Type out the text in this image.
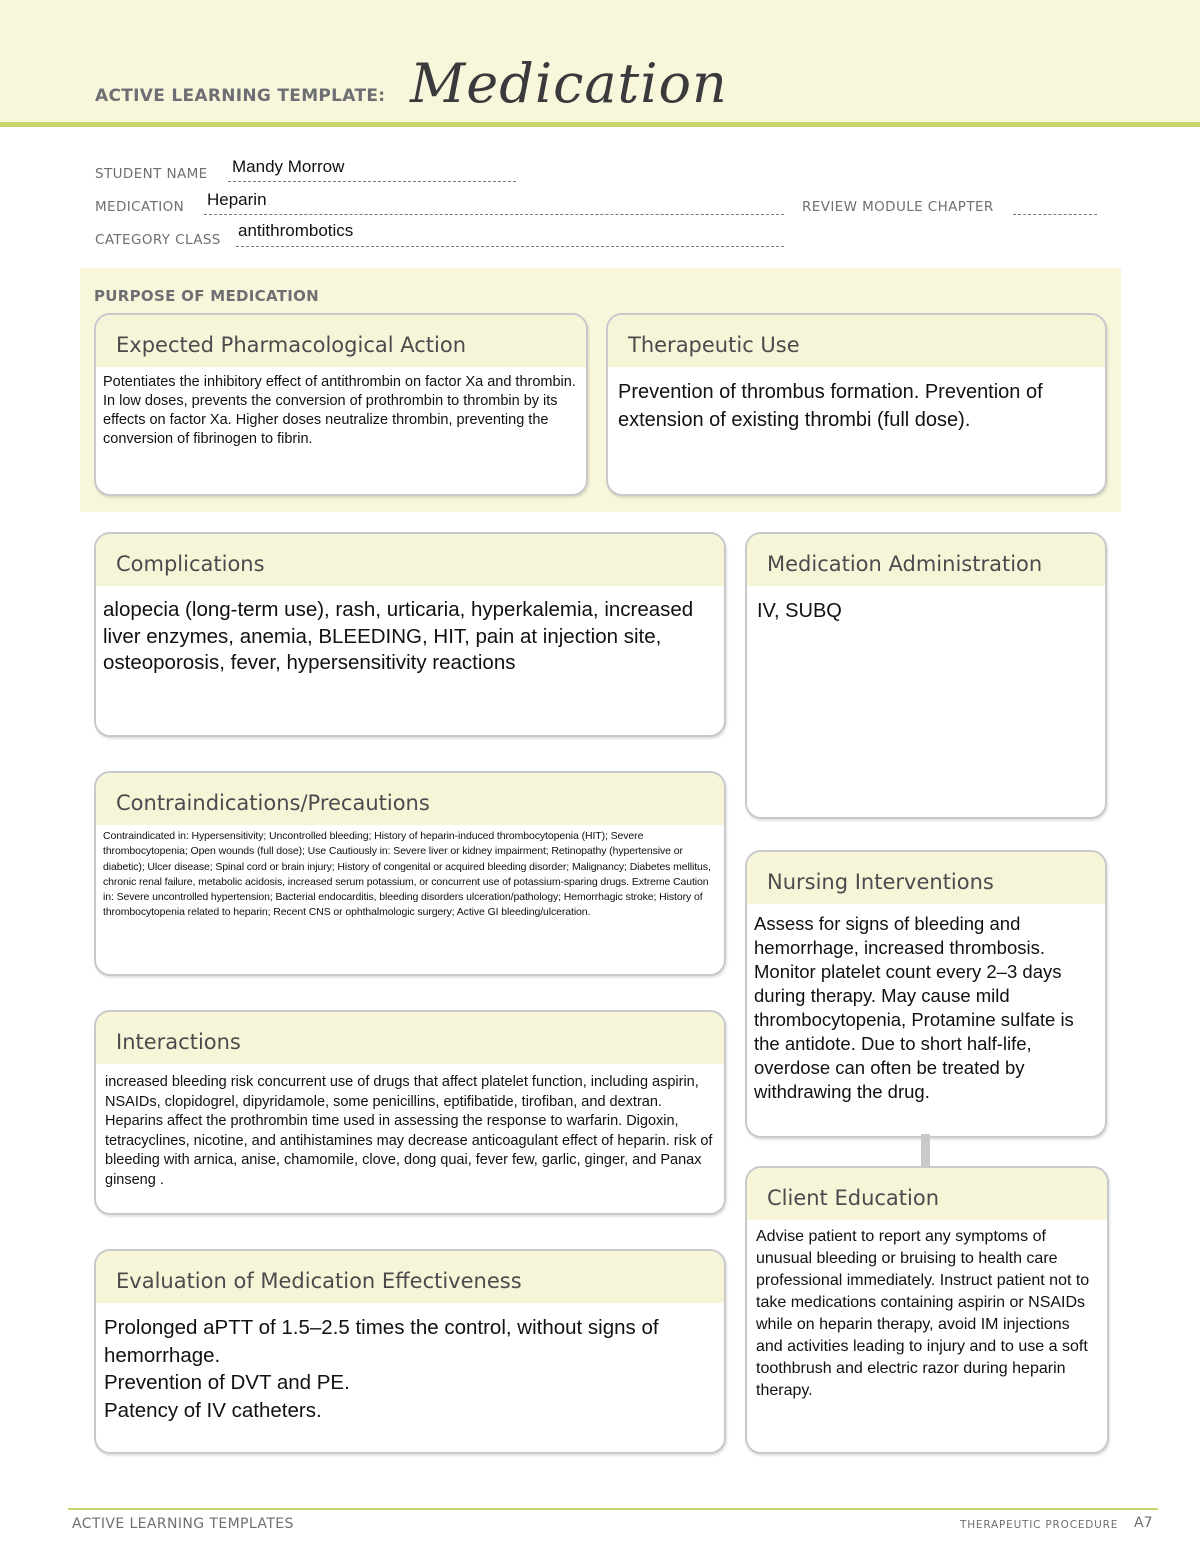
ACTIVE LEARNING TEMPLATE: Medication
STUDENT NAME Mandy Morrow
MEDICATION Heparin	REVIEW MODULE CHAPTER
CATEGORY CLASS antithrombotics
PURPOSE OF MEDICATION
Expected Pharmacological Action
Potentiates the inhibitory effect of antithrombin on factor Xa and thrombin. In low doses, prevents the conversion of prothrombin to thrombin by its effects on factor Xa. Higher doses neutralize thrombin, preventing the conversion of fibrinogen to fibrin.
Therapeutic Use
Prevention of thrombus formation. Prevention of extension of existing thrombi (full dose).
Complications
alopecia (long-term use), rash, urticaria, hyperkalemia, increased liver enzymes, anemia, BLEEDING, HIT, pain at injection site, osteoporosis, fever, hypersensitivity reactions
Medication Administration
IV, SUBQ
Contraindications/Precautions
Contraindicated in: Hypersensitivity; Uncontrolled bleeding; History of heparin-induced thrombocytopenia (HIT); Severe thrombocytopenia; Open wounds (full dose); Use Cautiously in: Severe liver or kidney impairment; Retinopathy (hypertensive or diabetic); Ulcer disease; Spinal cord or brain injury; History of congenital or acquired bleeding disorder; Malignancy; Diabetes mellitus, chronic renal failure, metabolic acidosis, increased serum potassium, or concurrent use of potassium-sparing drugs. Extreme Caution in: Severe uncontrolled hypertension; Bacterial endocarditis, bleeding disorders ulceration/pathology; Hemorrhagic stroke; History of thrombocytopenia related to heparin; Recent CNS or ophthalmologic surgery; Active GI bleeding/ulceration.
Nursing Interventions
Assess for signs of bleeding and hemorrhage, increased thrombosis. Monitor platelet count every 2–3 days during therapy. May cause mild thrombocytopenia, Protamine sulfate is the antidote. Due to short half-life, overdose can often be treated by withdrawing the drug.
Interactions
increased bleeding risk concurrent use of drugs that affect platelet function, including aspirin, NSAIDs, clopidogrel, dipyridamole, some penicillins, eptifibatide, tirofiban, and dextran. Heparins affect the prothrombin time used in assessing the response to warfarin. Digoxin, tetracyclines, nicotine, and antihistamines may decrease anticoagulant effect of heparin. risk of bleeding with arnica, anise, chamomile, clove, dong quai, fever few, garlic, ginger, and Panax ginseng .
Client Education
Advise patient to report any symptoms of unusual bleeding or bruising to health care professional immediately. Instruct patient not to take medications containing aspirin or NSAIDs while on heparin therapy, avoid IM injections and activities leading to injury and to use a soft toothbrush and electric razor during heparin therapy.
Evaluation of Medication Effectiveness
Prolonged aPTT of 1.5–2.5 times the control, without signs of hemorrhage.
Prevention of DVT and PE.
Patency of IV catheters.
ACTIVE LEARNING TEMPLATES	THERAPEUTIC PROCEDURE A7
